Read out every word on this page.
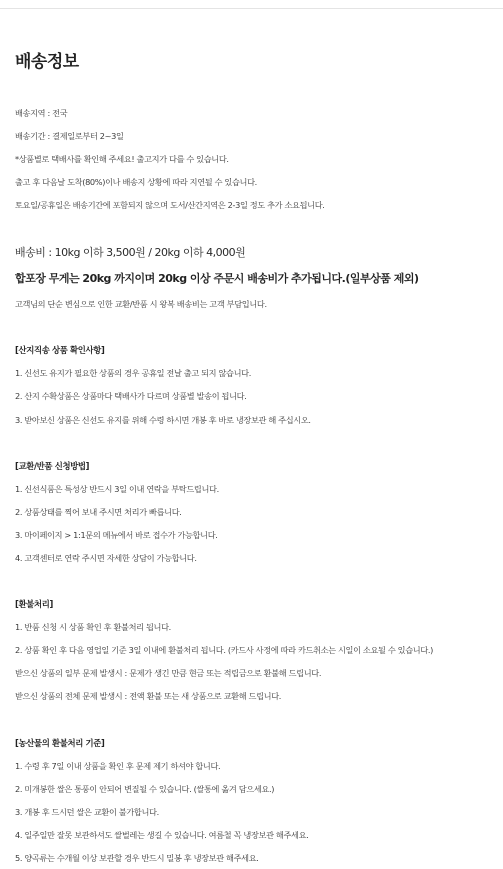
배송정보
배송지역 : 전국
배송기간 : 결제일로부터 2~3일
*상품별로 택배사를 확인해 주세요! 출고지가 다를 수 있습니다.
출고 후 다음날 도착(80%)이나 배송지 상황에 따라 지연될 수 있습니다.
토요일/공휴일은 배송기간에 포함되지 않으며 도서/산간지역은 2-3일 정도 추가 소요됩니다.
배송비 : 10kg 이하 3,500원 / 20kg 이하 4,000원
합포장 무게는 20kg 까지이며 20kg 이상 주문시 배송비가 추가됩니다.(일부상품 제외)
고객님의 단순 변심으로 인한 교환/반품 시 왕복 배송비는 고객 부담입니다.
[산지직송 상품 확인사항]
1. 신선도 유지가 필요한 상품의 경우 공휴일 전날 출고 되지 않습니다.
2. 산지 수확상품은 상품마다 택배사가 다르며 상품별 발송이 됩니다.
3. 받아보신 상품은 신선도 유지를 위해 수령 하시면 개봉 후 바로 냉장보관 해 주십시오.
[교환/반품 신청방법]
1. 신선식품은 특성상 반드시 3일 이내 연락을 부탁드립니다.
2. 상품상태를 찍어 보내 주시면 처리가 빠릅니다.
3. 마이페이지 > 1:1문의 메뉴에서 바로 접수가 가능합니다.
4. 고객센터로 연락 주시면 자세한 상담이 가능합니다.
[환불처리]
1. 반품 신청 시 상품 확인 후 환불처리 됩니다.
2. 상품 확인 후 다음 영업일 기준 3일 이내에 환불처리 됩니다. (카드사 사정에 따라 카드취소는 시일이 소요될 수 있습니다.)
받으신 상품의 일부 문제 발생시 : 문제가 생긴 만큼 현금 또는 적립금으로 환불해 드립니다.
받으신 상품의 전체 문제 발생시 : 전액 환불 또는 새 상품으로 교환해 드립니다.
[농산물의 환불처리 기준]
1. 수령 후 7일 이내 상품을 확인 후 문제 제기 하셔야 합니다.
2. 미개봉한 쌀은 통풍이 안되어 변질될 수 있습니다. (쌀통에 옮겨 담으세요.)
3. 개봉 후 드시던 쌀은 교환이 불가합니다.
4. 일주일만 잘못 보관하셔도 쌀벌레는 생길 수 있습니다. 여름철 꼭 냉장보관 해주세요.
5. 양곡류는 수개월 이상 보관할 경우 반드시 밀봉 후 냉장보관 해주세요.
